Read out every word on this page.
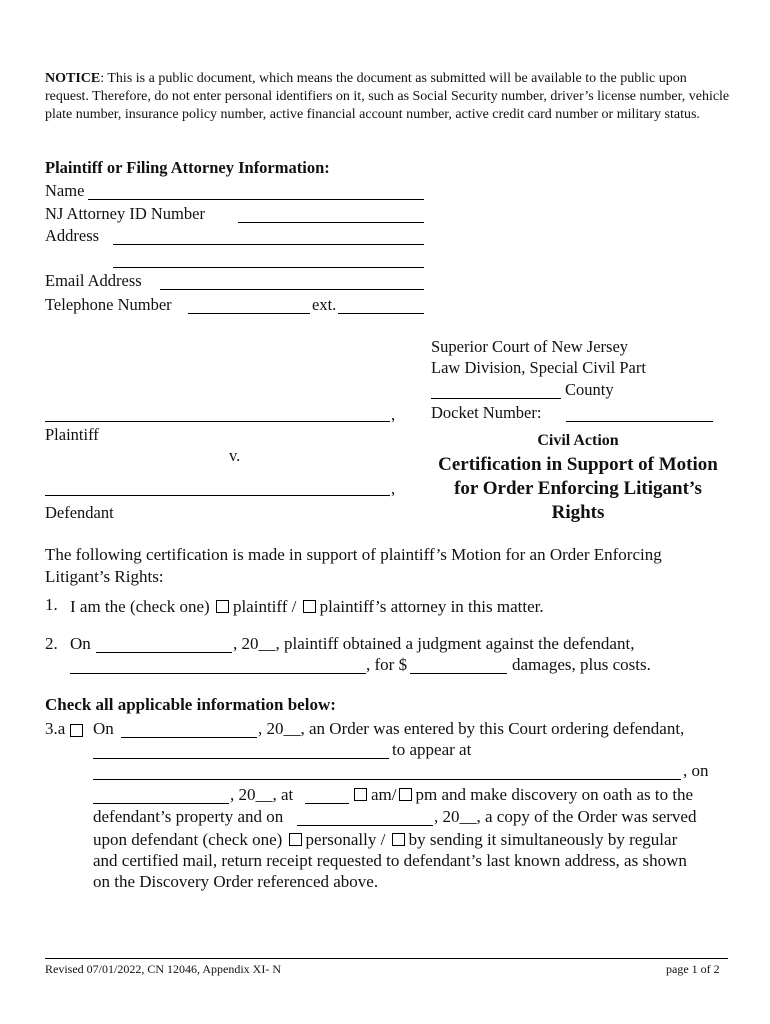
NOTICE: This is a public document, which means the document as submitted will be available to the public upon request. Therefore, do not enter personal identifiers on it, such as Social Security number, driver’s license number, vehicle plate number, insurance policy number, active financial account number, active credit card number or military status.
Plaintiff or Filing Attorney Information:
Name
NJ Attorney ID Number
Address
Email Address
Telephone Number	ext.
Superior Court of New Jersey
Law Division, Special Civil Part
County
Docket Number:
,
Plaintiff
v.
,
Defendant
Civil Action
Certification in Support of Motion
for Order Enforcing Litigant’s
Rights
The following certification is made in support of plaintiff’s Motion for an Order Enforcing
Litigant’s Rights:
1. I am the (check one) plaintiff / plaintiff’s attorney in this matter.
2. On	, 20__, plaintiff obtained a judgment against the defendant,
, for $	damages, plus costs.
Check all applicable information below:
3.a On	, 20__, an Order was entered by this Court ordering defendant,
to appear at
, on
, 20__, at	am/ pm and make discovery on oath as to the
defendant’s property and on	, 20__, a copy of the Order was served
upon defendant (check one) personally / by sending it simultaneously by regular
and certified mail, return receipt requested to defendant’s last known address, as shown
on the Discovery Order referenced above.
Revised 07/01/2022, CN 12046, Appendix XI- N	page 1 of 2
